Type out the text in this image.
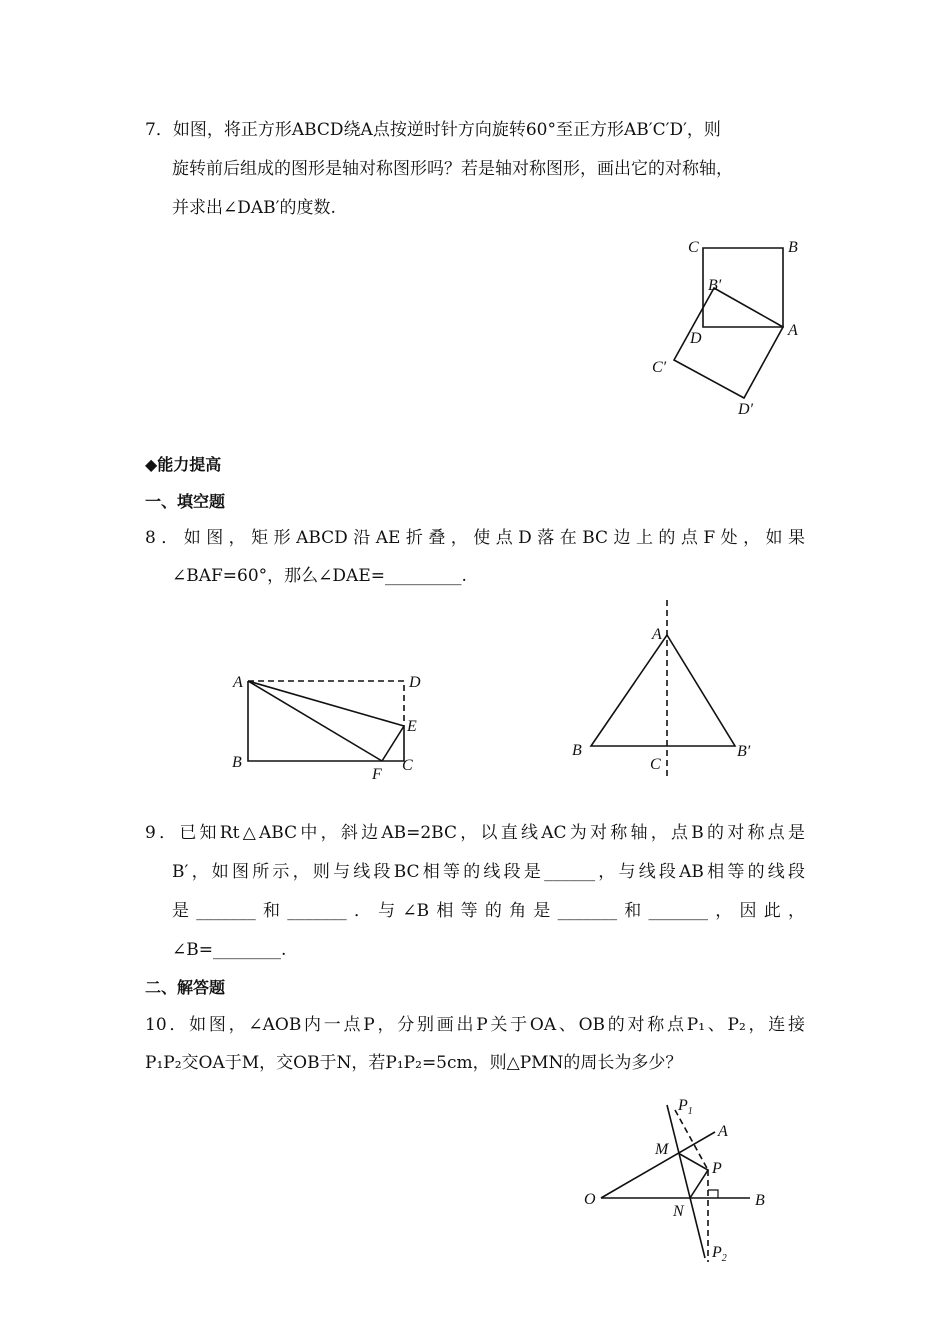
7．如图，将正方形ABCD绕A点按逆时针方向旋转60°至正方形AB′C′D′，则
旋转前后组成的图形是轴对称图形吗？若是轴对称图形，画出它的对称轴，
并求出∠DAB′的度数.
◆能力提高
一、填空题
8．如图，矩形ABCD沿AE折叠，使点D落在BC边上的点F处，如果
∠BAF=60°，那么∠DAE=_________.
9．已知Rt△ABC中，斜边AB=2BC，以直线AC为对称轴，点B的对称点是
B′，如图所示，则与线段BC相等的线段是______，与线段AB相等的线段
是_______和_______．与∠B相等的角是_______和_______，因此，
∠B=________.
二、解答题
10．如图，∠AOB内一点P，分别画出P关于OA、OB的对称点P₁、P₂，连接
P₁P₂交OA于M，交OB于N，若P₁P₂=5cm，则△PMN的周长为多少？
C	B
B′
A
D
C′
D′
A	D
E
B
F
C
A
B
C
B′
$P_1$
A
M
P
O
N
B
$P_2$
